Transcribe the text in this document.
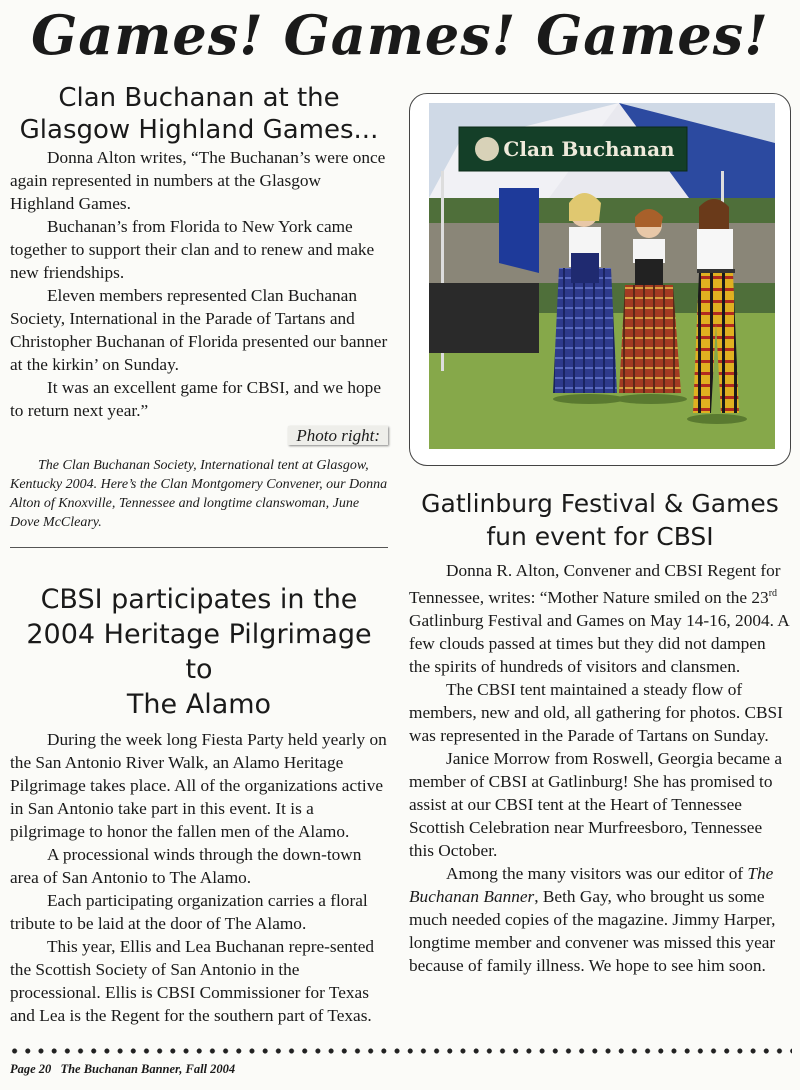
Games! Games! Games!
Clan Buchanan at the
Glasgow Highland Games...

Donna Alton writes, “The Buchanan’s were once again represented in numbers at the Glasgow Highland Games.

Buchanan’s from Florida to New York came together to support their clan and to renew and make new friendships.

Eleven members represented Clan Buchanan Society, International in the Parade of Tartans and Christopher Buchanan of Florida presented our banner at the kirkin’ on Sunday.

It was an excellent game for CBSI, and we hope to return next year.”

Photo right:

The Clan Buchanan Society, International tent at Glasgow, Kentucky 2004. Here’s the Clan Montgomery Convener, our Donna Alton of Knoxville, Tennessee and longtime clanswoman, June Dove McCleary.

CBSI participates in the
2004 Heritage Pilgrimage to
The Alamo

During the week long Fiesta Party held yearly on the San Antonio River Walk, an Alamo Heritage Pilgrimage takes place. All of the organizations active in San Antonio take part in this event. It is a pilgrimage to honor the fallen men of the Alamo.

A processional winds through the down-town area of San Antonio to The Alamo.

Each participating organization carries a floral tribute to be laid at the door of The Alamo.

This year, Ellis and Lea Buchanan repre-sented the Scottish Society of San Antonio in the processional. Ellis is CBSI Commissioner for Texas and Lea is the Regent for the southern part of Texas.

Clan Buchanan
Gatlinburg Festival & Games
fun event for CBSI

Donna R. Alton, Convener and CBSI Regent for Tennessee, writes: “Mother Nature smiled on the 23rd Gatlinburg Festival and Games on May 14-16, 2004. A few clouds passed at times but they did not dampen the spirits of hundreds of visitors and clansmen.

The CBSI tent maintained a steady flow of members, new and old, all gathering for photos. CBSI was represented in the Parade of Tartans on Sunday.

Janice Morrow from Roswell, Georgia became a member of CBSI at Gatlinburg! She has promised to assist at our CBSI tent at the Heart of Tennessee Scottish Celebration near Murfreesboro, Tennessee this October.

Among the many visitors was our editor of The Buchanan Banner, Beth Gay, who brought us some much needed copies of the magazine. Jimmy Harper, longtime member and convener was missed this year because of family illness. We hope to see him soon.

Page 20 The Buchanan Banner, Fall 2004
